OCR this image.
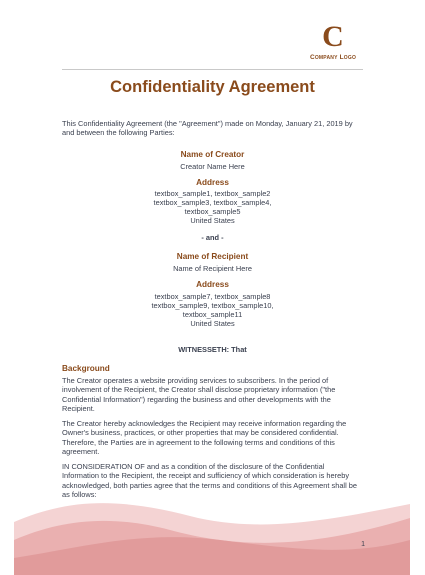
C
Company Logo
Confidentiality Agreement
This Confidentiality Agreement (the "Agreement") made on Monday, January 21, 2019 by and between the following Parties:
Name of Creator
Creator Name Here
Address
textbox_sample1, textbox_sample2
textbox_sample3, textbox_sample4,
textbox_sample5
United States
- and -
Name of Recipient
Name of Recipient Here
Address
textbox_sample7, textbox_sample8
textbox_sample9, textbox_sample10,
textbox_sample11
United States
WITNESSETH: That
Background
The Creator operates a website providing services to subscribers. In the period of involvement of the Recipient, the Creator shall disclose proprietary information ("the Confidential Information") regarding the business and other developments with the Recipient.
The Creator hereby acknowledges the Recipient may receive information regarding the Owner's business, practices, or other properties that may be considered confidential. Therefore, the Parties are in agreement to the following terms and conditions of this agreement.
IN CONSIDERATION OF and as a condition of the disclosure of the Confidential Information to the Recipient, the receipt and sufficiency of which consideration is hereby acknowledged, both parties agree that the terms and conditions of this Agreement shall be as follows:
1
